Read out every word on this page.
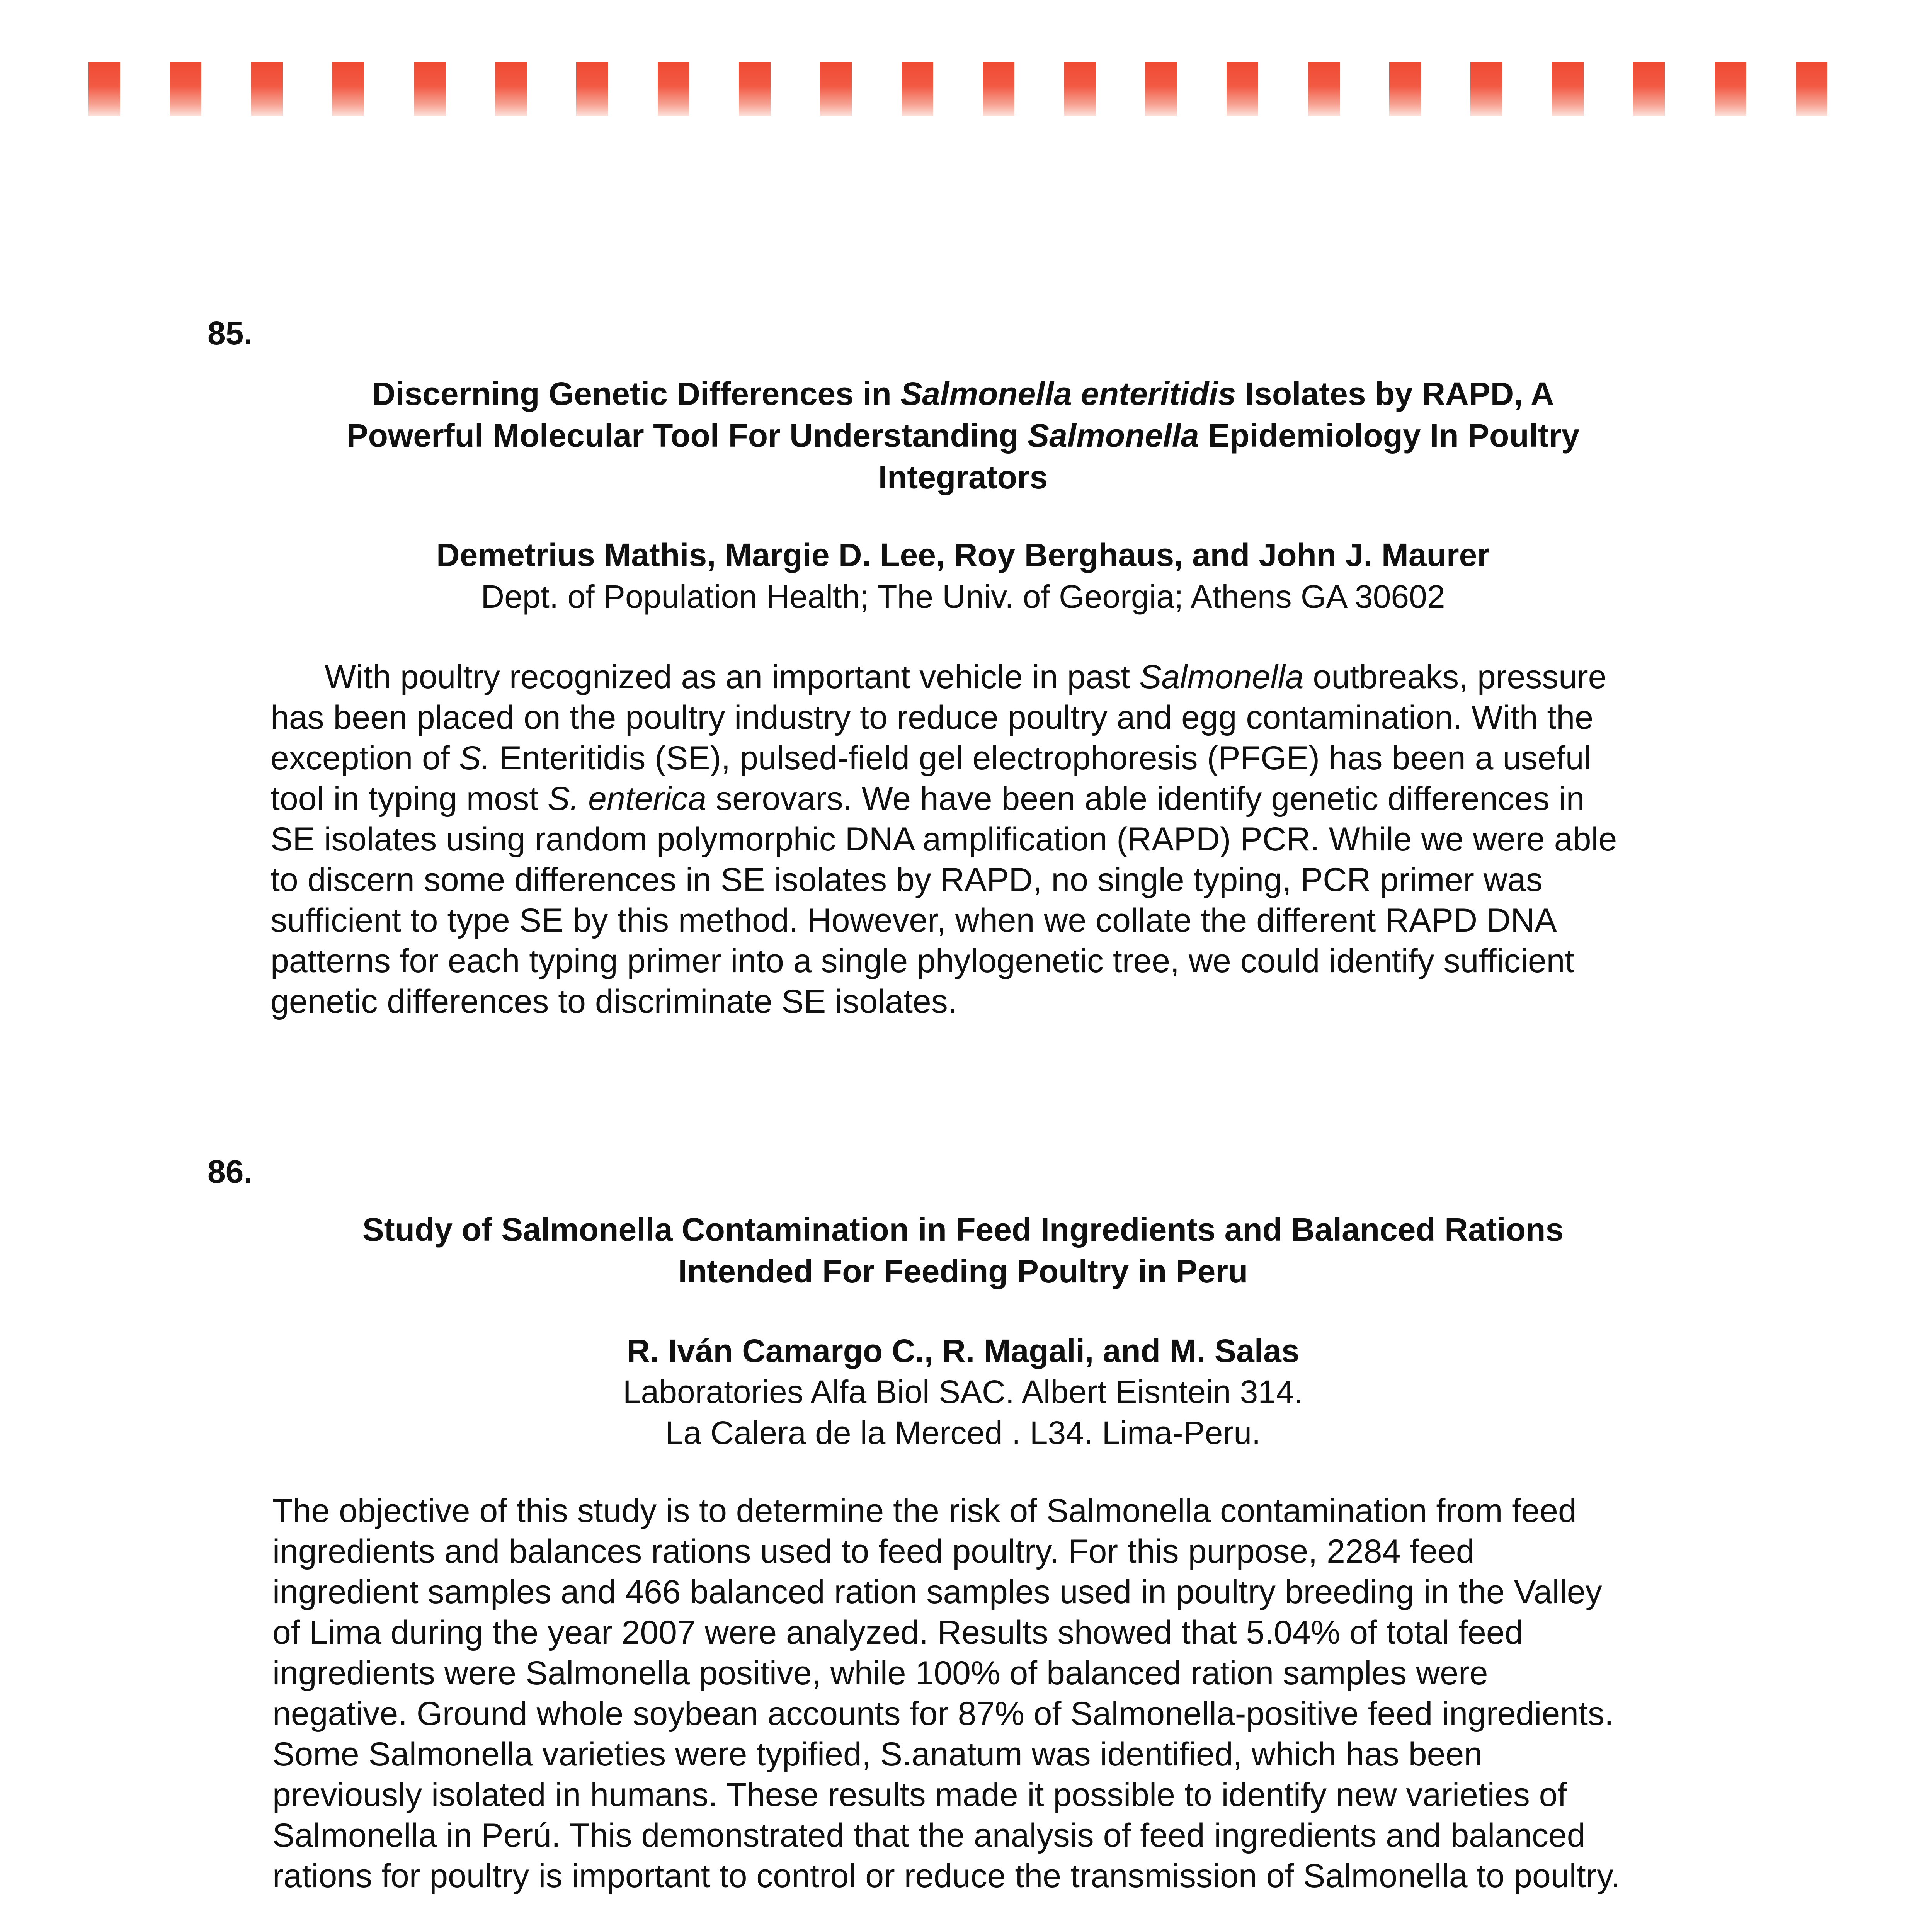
85.

Discerning Genetic Differences in Salmonella enteritidis Isolates by RAPD, A
Powerful Molecular Tool For Understanding Salmonella Epidemiology In Poultry
Integrators

Demetrius Mathis, Margie D. Lee, Roy Berghaus, and John J. Maurer

Dept. of Population Health; The Univ. of Georgia; Athens GA 30602

With poultry recognized as an important vehicle in past Salmonella outbreaks, pressure
has been placed on the poultry industry to reduce poultry and egg contamination. With the
exception of S. Enteritidis (SE), pulsed-field gel electrophoresis (PFGE) has been a useful
tool in typing most S. enterica serovars. We have been able identify genetic differences in
SE isolates using random polymorphic DNA amplification (RAPD) PCR. While we were able
to discern some differences in SE isolates by RAPD, no single typing, PCR primer was
sufficient to type SE by this method. However, when we collate the different RAPD DNA
patterns for each typing primer into a single phylogenetic tree, we could identify sufficient
genetic differences to discriminate SE isolates.

86.

Study of Salmonella Contamination in Feed Ingredients and Balanced Rations
Intended For Feeding Poultry in Peru

R. Iván Camargo C., R. Magali, and M. Salas

Laboratories Alfa Biol SAC. Albert Eisntein 314.

La Calera de la Merced . L34. Lima-Peru.

The objective of this study is to determine the risk of Salmonella contamination from feed
ingredients and balances rations used to feed poultry. For this purpose, 2284 feed
ingredient samples and 466 balanced ration samples used in poultry breeding in the Valley
of Lima during the year 2007 were analyzed. Results showed that 5.04% of total feed
ingredients were Salmonella positive, while 100% of balanced ration samples were
negative. Ground whole soybean accounts for 87% of Salmonella-positive feed ingredients.
Some Salmonella varieties were typified, S.anatum was identified, which has been
previously isolated in humans. These results made it possible to identify new varieties of
Salmonella in Perú. This demonstrated that the analysis of feed ingredients and balanced
rations for poultry is important to control or reduce the transmission of Salmonella to poultry.
